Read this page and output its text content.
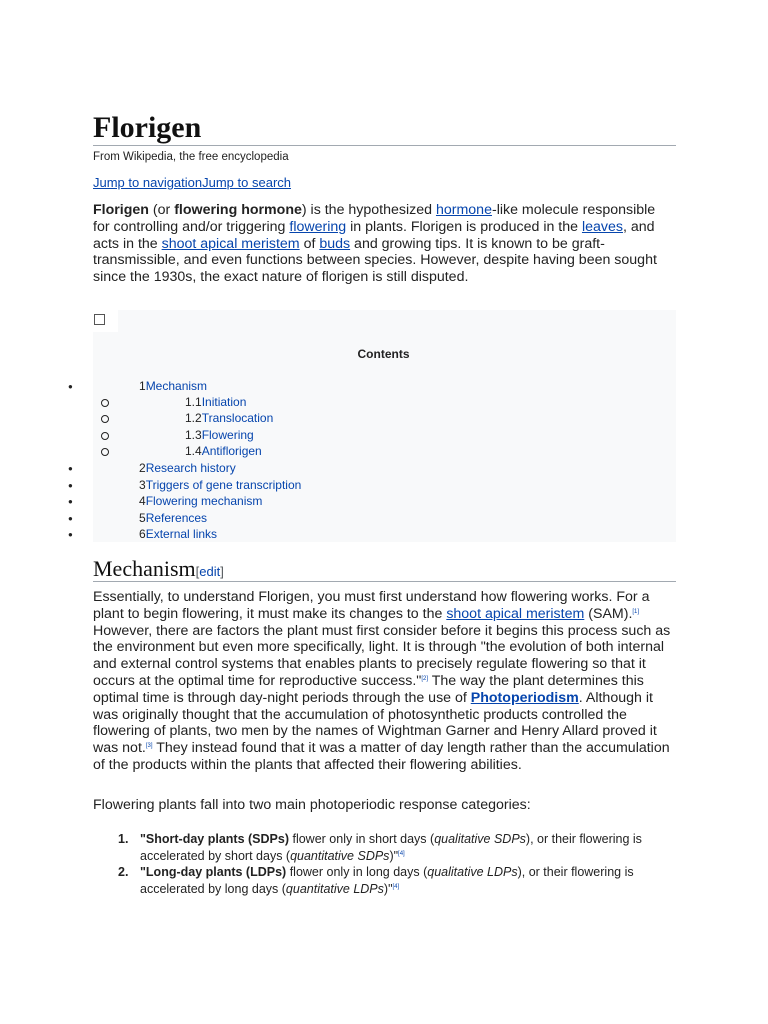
Florigen
From Wikipedia, the free encyclopedia
Jump to navigationJump to search

Florigen (or flowering hormone) is the hypothesized hormone-like molecule responsible for controlling and/or triggering flowering in plants. Florigen is produced in the leaves, and acts in the shoot apical meristem of buds and growing tips. It is known to be graft-transmissible, and even functions between species. However, despite having been sought since the 1930s, the exact nature of florigen is still disputed.

Contents
●	1Mechanism
1.1Initiation
1.2Translocation
1.3Flowering
1.4Antiflorigen
●	2Research history
●	3Triggers of gene transcription
●	4Flowering mechanism
●	5References
●	6External links
Mechanism[edit]

Essentially, to understand Florigen, you must first understand how flowering works. For a plant to begin flowering, it must make its changes to the shoot apical meristem (SAM).[1] However, there are factors the plant must first consider before it begins this process such as the environment but even more specifically, light. It is through "the evolution of both internal and external control systems that enables plants to precisely regulate flowering so that it occurs at the optimal time for reproductive success."[2] The way the plant determines this optimal time is through day-night periods through the use of Photoperiodism. Although it was originally thought that the accumulation of photosynthetic products controlled the flowering of plants, two men by the names of Wightman Garner and Henry Allard proved it was not.[3] They instead found that it was a matter of day length rather than the accumulation of the products within the plants that affected their flowering abilities.

Flowering plants fall into two main photoperiodic response categories:
1. "Short-day plants (SDPs) flower only in short days (qualitative SDPs), or their flowering is accelerated by short days (quantitative SDPs)"[4]
2. "Long-day plants (LDPs) flower only in long days (qualitative LDPs), or their flowering is accelerated by long days (quantitative LDPs)"[4]
